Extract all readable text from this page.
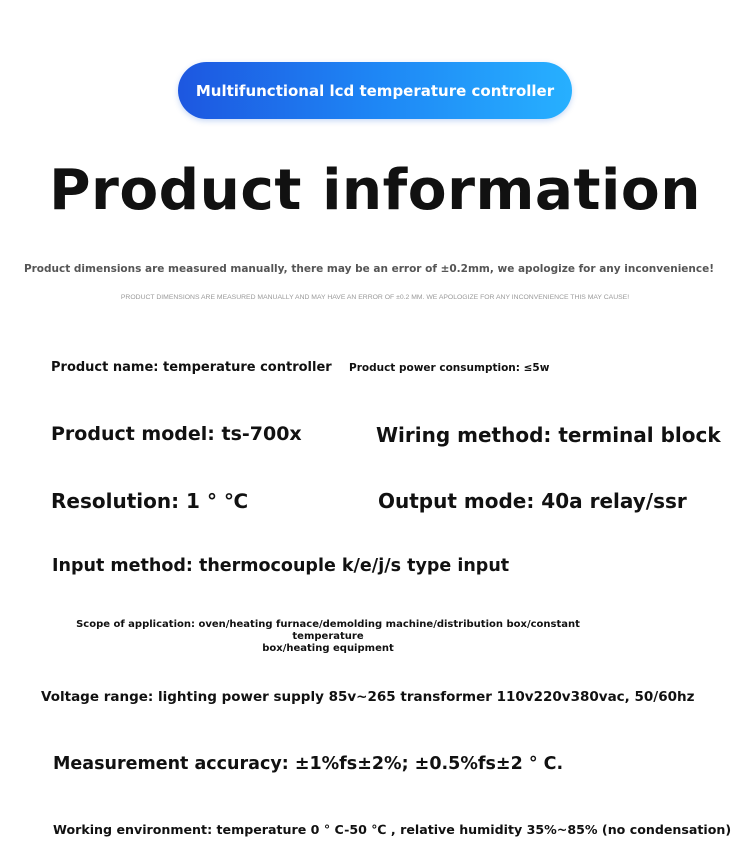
Multifunctional lcd temperature controller
Product information
Product dimensions are measured manually, there may be an error of ±0.2mm, we apologize for any inconvenience!
PRODUCT DIMENSIONS ARE MEASURED MANUALLY AND MAY HAVE AN ERROR OF ±0.2 MM. WE APOLOGIZE FOR ANY INCONVENIENCE THIS MAY CAUSE!
Product name: temperature controller Product power consumption: ≤5w
Product model: ts-700x	Wiring method: terminal block
Resolution: 1 ° ℃	Output mode: 40a relay/ssr
Input method: thermocouple k/e/j/s type input
Scope of application: oven/heating furnace/demolding machine/distribution box/constant temperature
box/heating equipment
Voltage range: lighting power supply 85v~265 transformer 110v220v380vac, 50/60hz
Measurement accuracy: ±1%fs±2%; ±0.5%fs±2 ° C.
Working environment: temperature 0 ° C-50 ℃ , relative humidity 35%~85% (no condensation)
